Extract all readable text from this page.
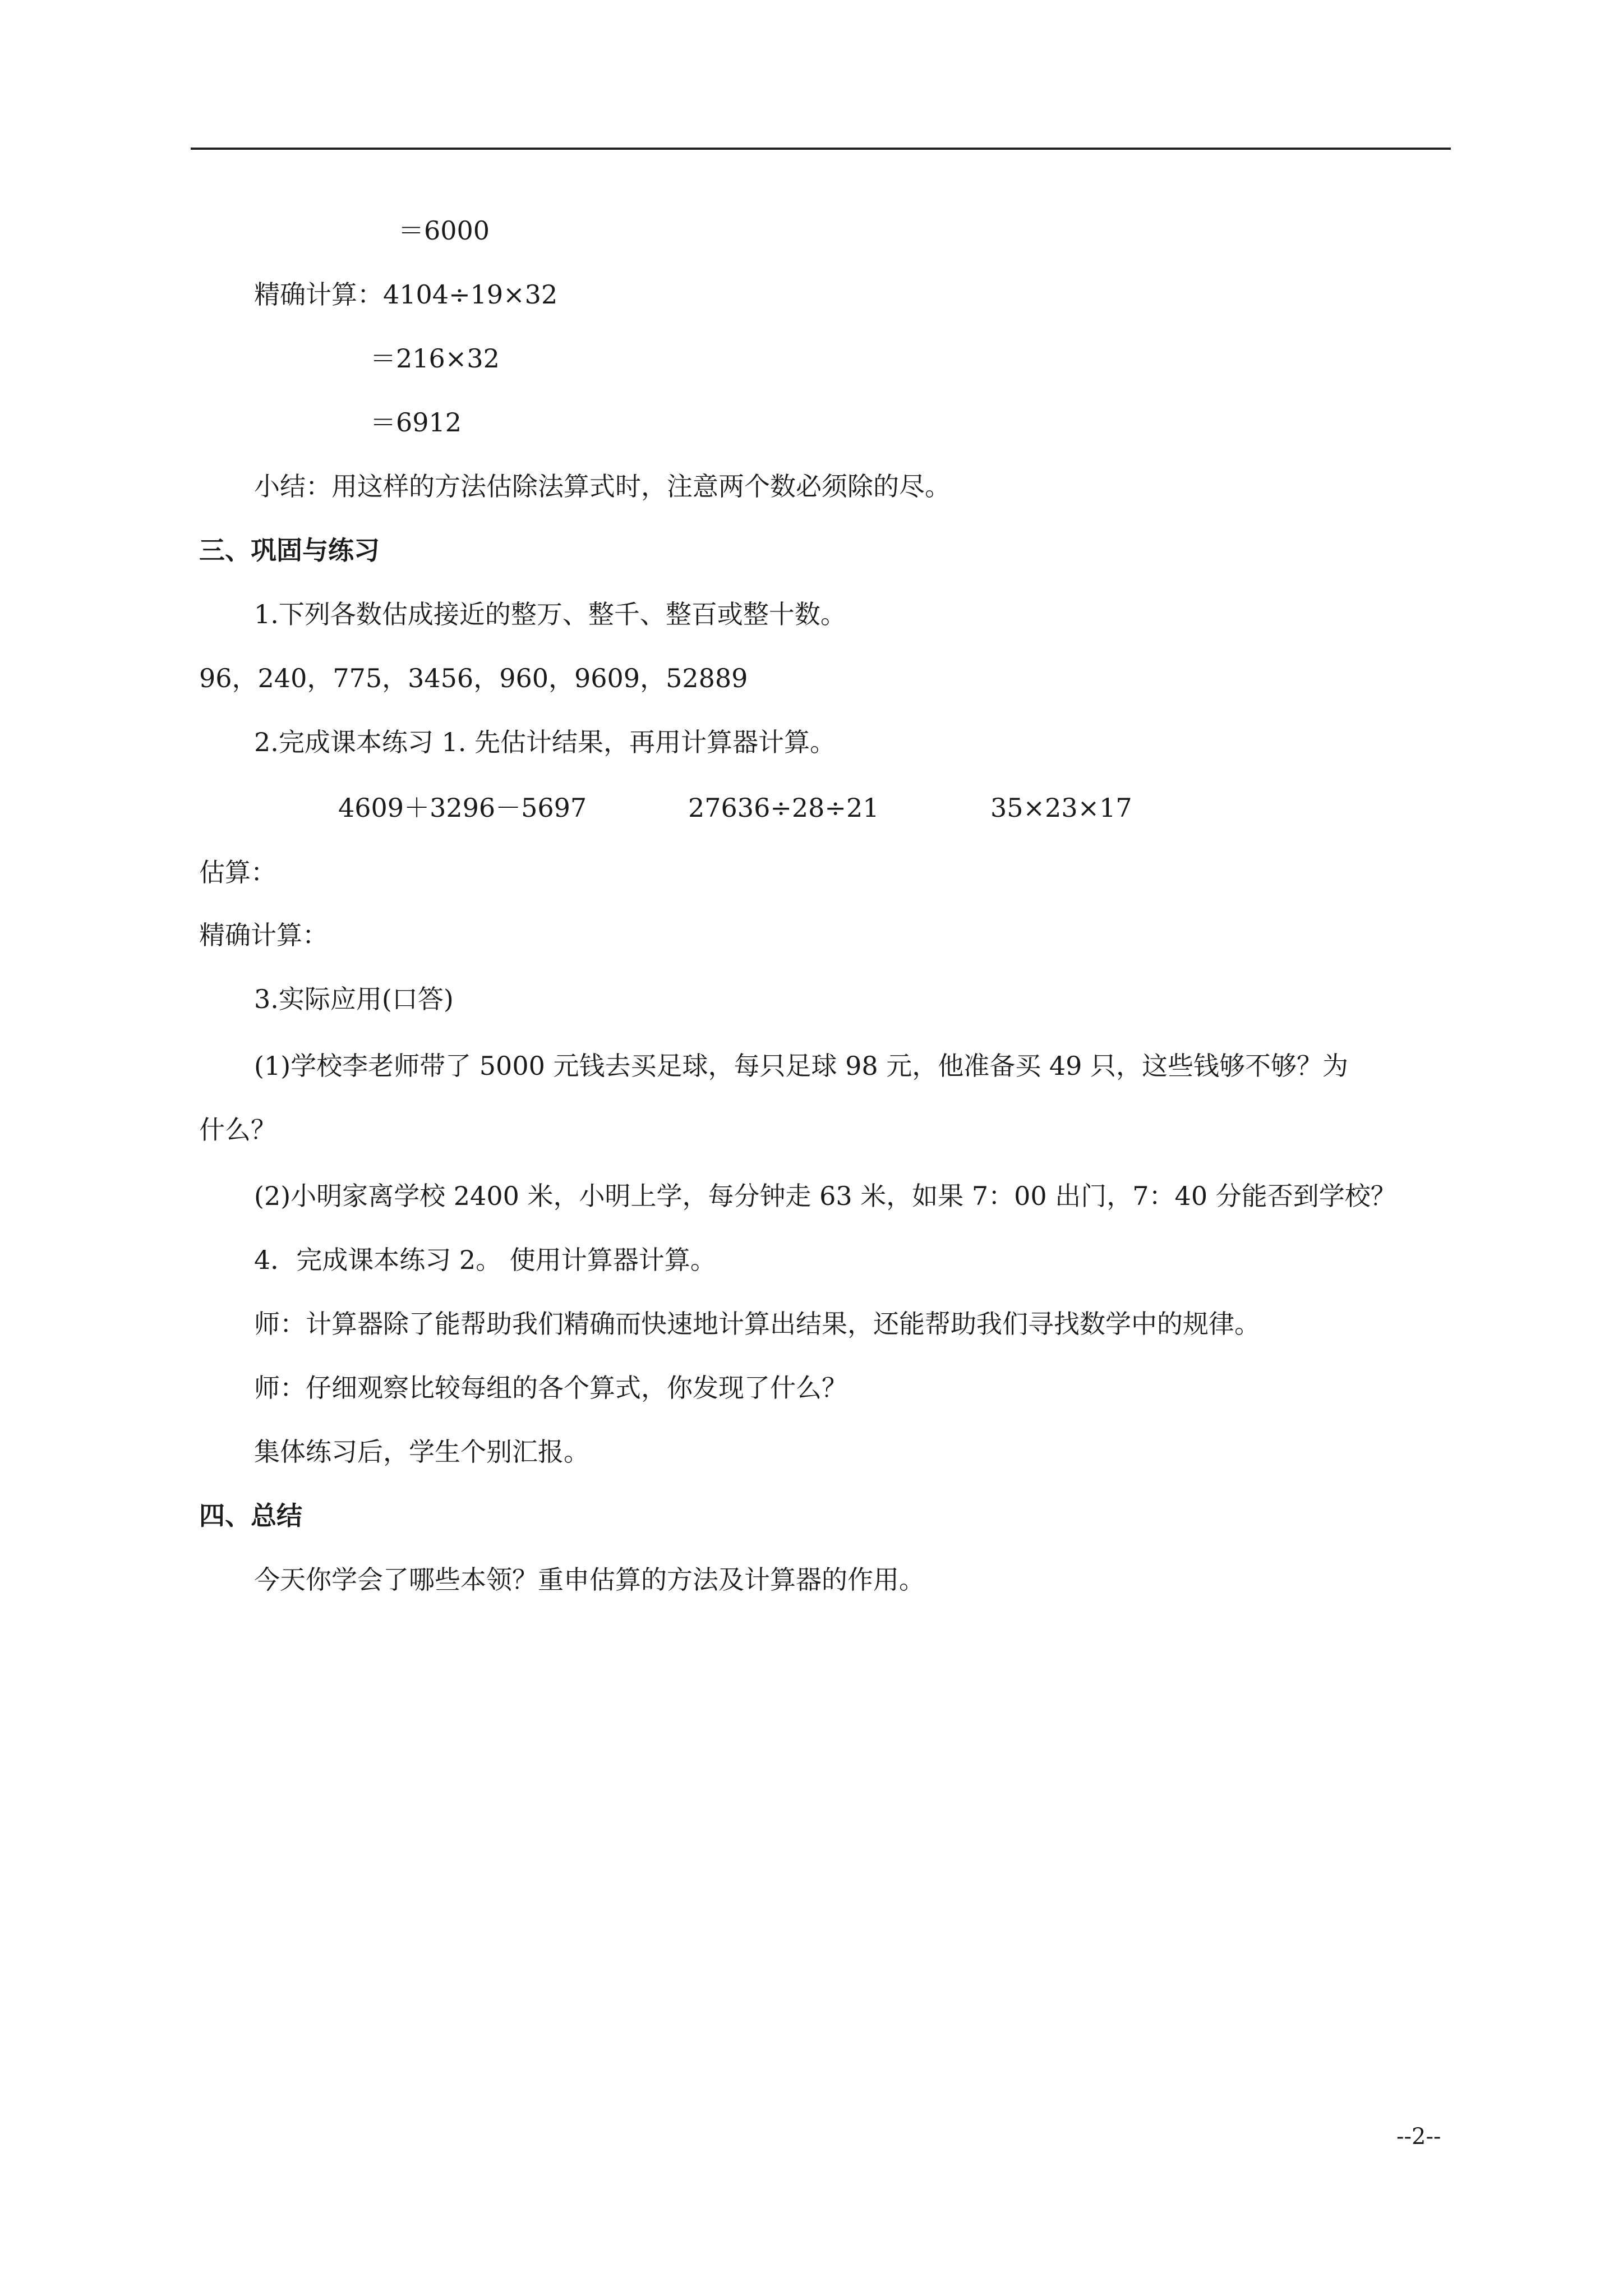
＝6000
精确计算：4104÷19×32
＝216×32
＝6912
小结：用这样的方法估除法算式时，注意两个数必须除的尽。
三、巩固与练习
1.下列各数估成接近的整万、整千、整百或整十数。
96，240，775，3456，960，9609，52889
2.完成课本练习 1. 先估计结果，再用计算器计算。
4609＋3296－5697	27636÷28÷21	35×23×17
估算：
精确计算：
3.实际应用(口答)
(1)学校李老师带了 5000 元钱去买足球，每只足球 98 元，他准备买 49 只，这些钱够不够？为
什么？
(2)小明家离学校 2400 米，小明上学，每分钟走 63 米，如果 7：00 出门，7：40 分能否到学校？
4．完成课本练习 2。 使用计算器计算。
师：计算器除了能帮助我们精确而快速地计算出结果，还能帮助我们寻找数学中的规律。
师：仔细观察比较每组的各个算式，你发现了什么？
集体练习后，学生个别汇报。
四、总结
今天你学会了哪些本领？重申估算的方法及计算器的作用。
--2--
